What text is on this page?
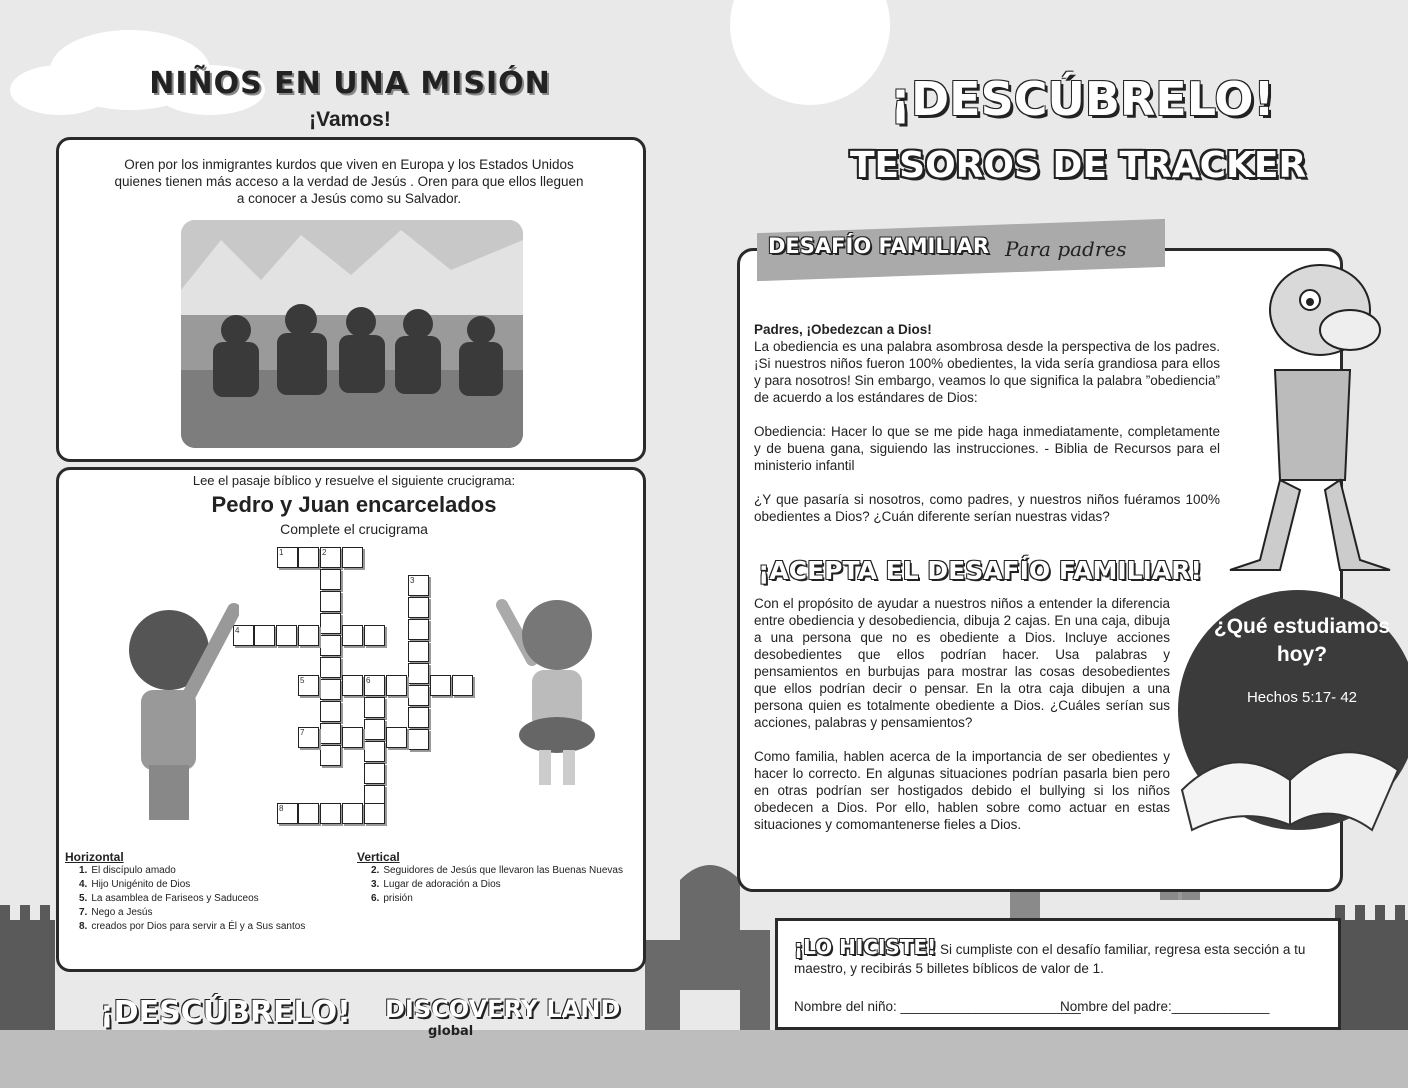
NIÑOS EN UNA MISIÓN
¡Vamos!
Oren por los inmigrantes kurdos que viven en Europa y los Estados Unidos quienes tienen más acceso a la verdad de Jesús . Oren para que ellos lleguen a conocer a Jesús como su Salvador.
Lee el pasaje bíblico y resuelve el siguiente crucigrama:
Pedro y Juan encarcelados
Complete el crucigrama
1	2
3
4
5	6
7
8
Horizontal
1. El discípulo amado
4. Hijo Unigénito de Dios
5. La asamblea de Fariseos y Saduceos
7. Nego a Jesús
8. creados por Dios para servir a Él y a Sus santos
Vertical
2. Seguidores de Jesús que llevaron las Buenas Nuevas
3. Lugar de adoración a Dios
6. prisión
¡DESCÚBRELO! DISCOVERY LAND
global
¡DESCÚBRELO!
TESOROS DE TRACKER
DESAFÍO FAMILIAR Para padres
Padres, ¡Obedezcan a Dios!
La obediencia es una palabra asombrosa desde la perspectiva de los padres. ¡Si nuestros niños fueron 100% obedientes, la vida sería grandiosa para ellos y para nosotros! Sin embargo, veamos lo que significa la palabra ”obediencia” de acuerdo a los estándares de Dios:
Obediencia: Hacer lo que se me pide haga inmediatamente, completamente y de buena gana, siguiendo las instrucciones. - Biblia de Recursos para el ministerio infantil
¿Y que pasaría si nosotros, como padres, y nuestros niños fuéramos 100% obedientes a Dios? ¿Cuán diferente serían nuestras vidas?
¡ACEPTA EL DESAFÍO FAMILIAR!
Con el propósito de ayudar a nuestros niños a entender la diferencia entre obediencia y desobediencia, dibuja 2 cajas. En una caja, dibuja a una persona que no es obediente a Dios. Incluye acciones desobedientes que ellos podrían hacer. Usa palabras y pensamientos en burbujas para mostrar las cosas desobedientes que ellos podrían decir o pensar. En la otra caja dibujen a una persona quien es totalmente obediente a Dios. ¿Cuáles serían sus acciones, palabras y pensamientos?
Como familia, hablen acerca de la importancia de ser obedientes y hacer lo correcto. En algunas situaciones podrían pasarla bien pero en otras podrían ser hostigados debido el bullying si los niños obedecen a Dios. Por ello, hablen sobre como actuar en estas situaciones y comomantenerse fieles a Dios.
¿Qué estudiamos hoy?
Hechos 5:17- 42
¡LO HICISTE! Si cumpliste con el desafío familiar, regresa esta sección a tu maestro, y recibirás 5 billetes bíblicos de valor de 1.
Nombre del niño: ________________________
Nombre del padre:_____________
